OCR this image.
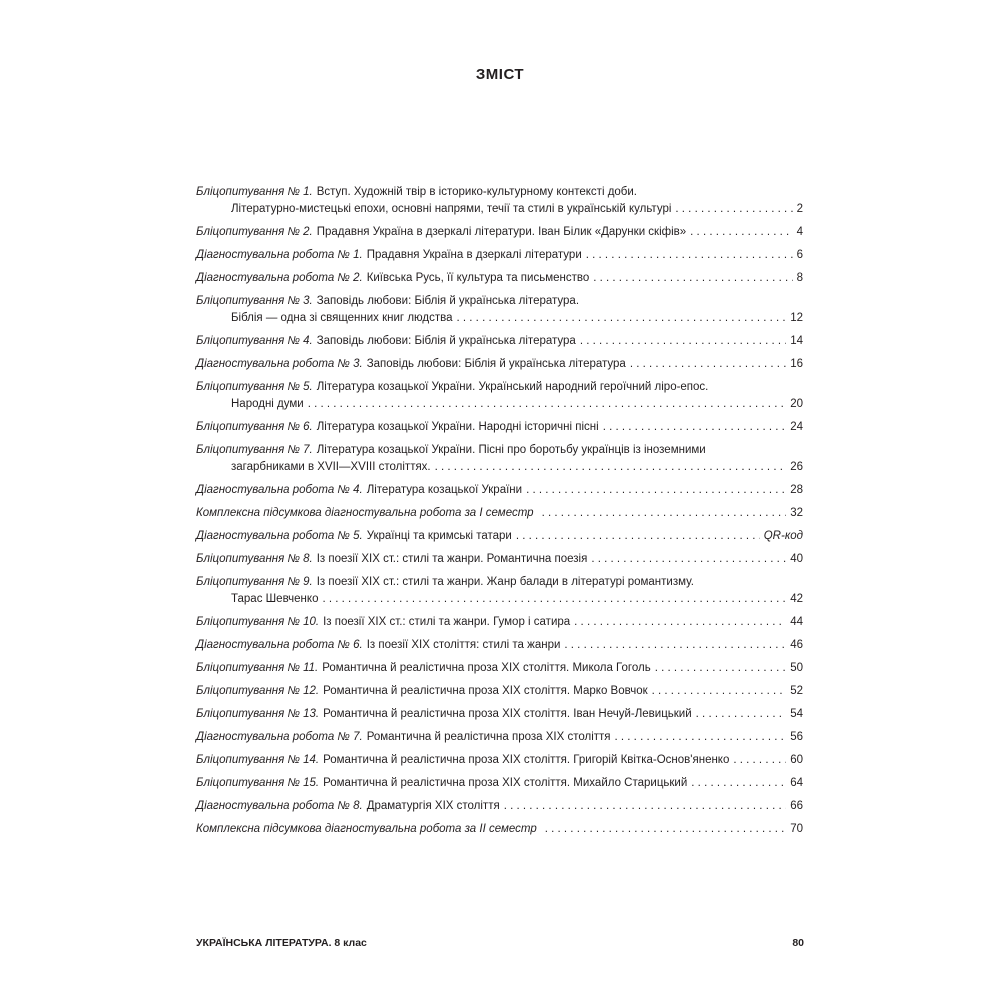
ЗМІСТ
Бліцопитування № 1. Вступ. Художній твір в історико-культурному контексті доби.
Літературно-мистецькі епохи, основні напрями, течії та стилі в українській культурі . . .	2
Бліцопитування № 2. Прадавня Україна в дзеркалі літератури. Іван Білик «Дарунки скіфів» . . .	4
Діагностувальна робота № 1. Прадавня Україна в дзеркалі літератури . . .	6
Діагностувальна робота № 2. Київська Русь, її культура та письменство . . .	8
Бліцопитування № 3. Заповідь любови: Біблія й українська література.
Біблія — одна зі священних книг людства . . .	12
Бліцопитування № 4. Заповідь любови: Біблія й українська література . . .	14
Діагностувальна робота № 3. Заповідь любови: Біблія й українська література . . .	16
Бліцопитування № 5. Література козацької України. Український народний героїчний ліро-епос.
Народні думи . . .	20
Бліцопитування № 6. Література козацької України. Народні історичні пісні . . .	24
Бліцопитування № 7. Література козацької України. Пісні про боротьбу українців із іноземними
загарбниками в XVII—XVIII століттях. . . .	26
Діагностувальна робота № 4. Література козацької України . . .	28
Комплексна підсумкова діагностувальна робота за І семестр . . .	32
Діагностувальна робота № 5. Українці та кримські татари . . .	QR-код
Бліцопитування № 8. Із поезії XIX ст.: стилі та жанри. Романтична поезія . . .	40
Бліцопитування № 9. Із поезії XIX ст.: стилі та жанри. Жанр балади в літературі романтизму.
Тарас Шевченко . . .	42
Бліцопитування № 10. Із поезії XIX ст.: стилі та жанри. Гумор і сатира . . .	44
Діагностувальна робота № 6. Із поезії XIX століття: стилі та жанри . . .	46
Бліцопитування № 11. Романтична й реалістична проза XIX століття. Микола Гоголь . . .	50
Бліцопитування № 12. Романтична й реалістична проза XIX століття. Марко Вовчок . . .	52
Бліцопитування № 13. Романтична й реалістична проза XIX століття. Іван Нечуй-Левицький . . .	54
Діагностувальна робота № 7. Романтична й реалістична проза XIX століття . . .	56
Бліцопитування № 14. Романтична й реалістична проза XIX століття. Григорій Квітка-Основ'яненко . . .	60
Бліцопитування № 15. Романтична й реалістична проза XIX століття. Михайло Старицький . . .	64
Діагностувальна робота № 8. Драматургія XIX століття . . .	66
Комплексна підсумкова діагностувальна робота за ІІ семестр . . .	70
УКРАЇНСЬКА ЛІТЕРАТУРА. 8 клас	80
